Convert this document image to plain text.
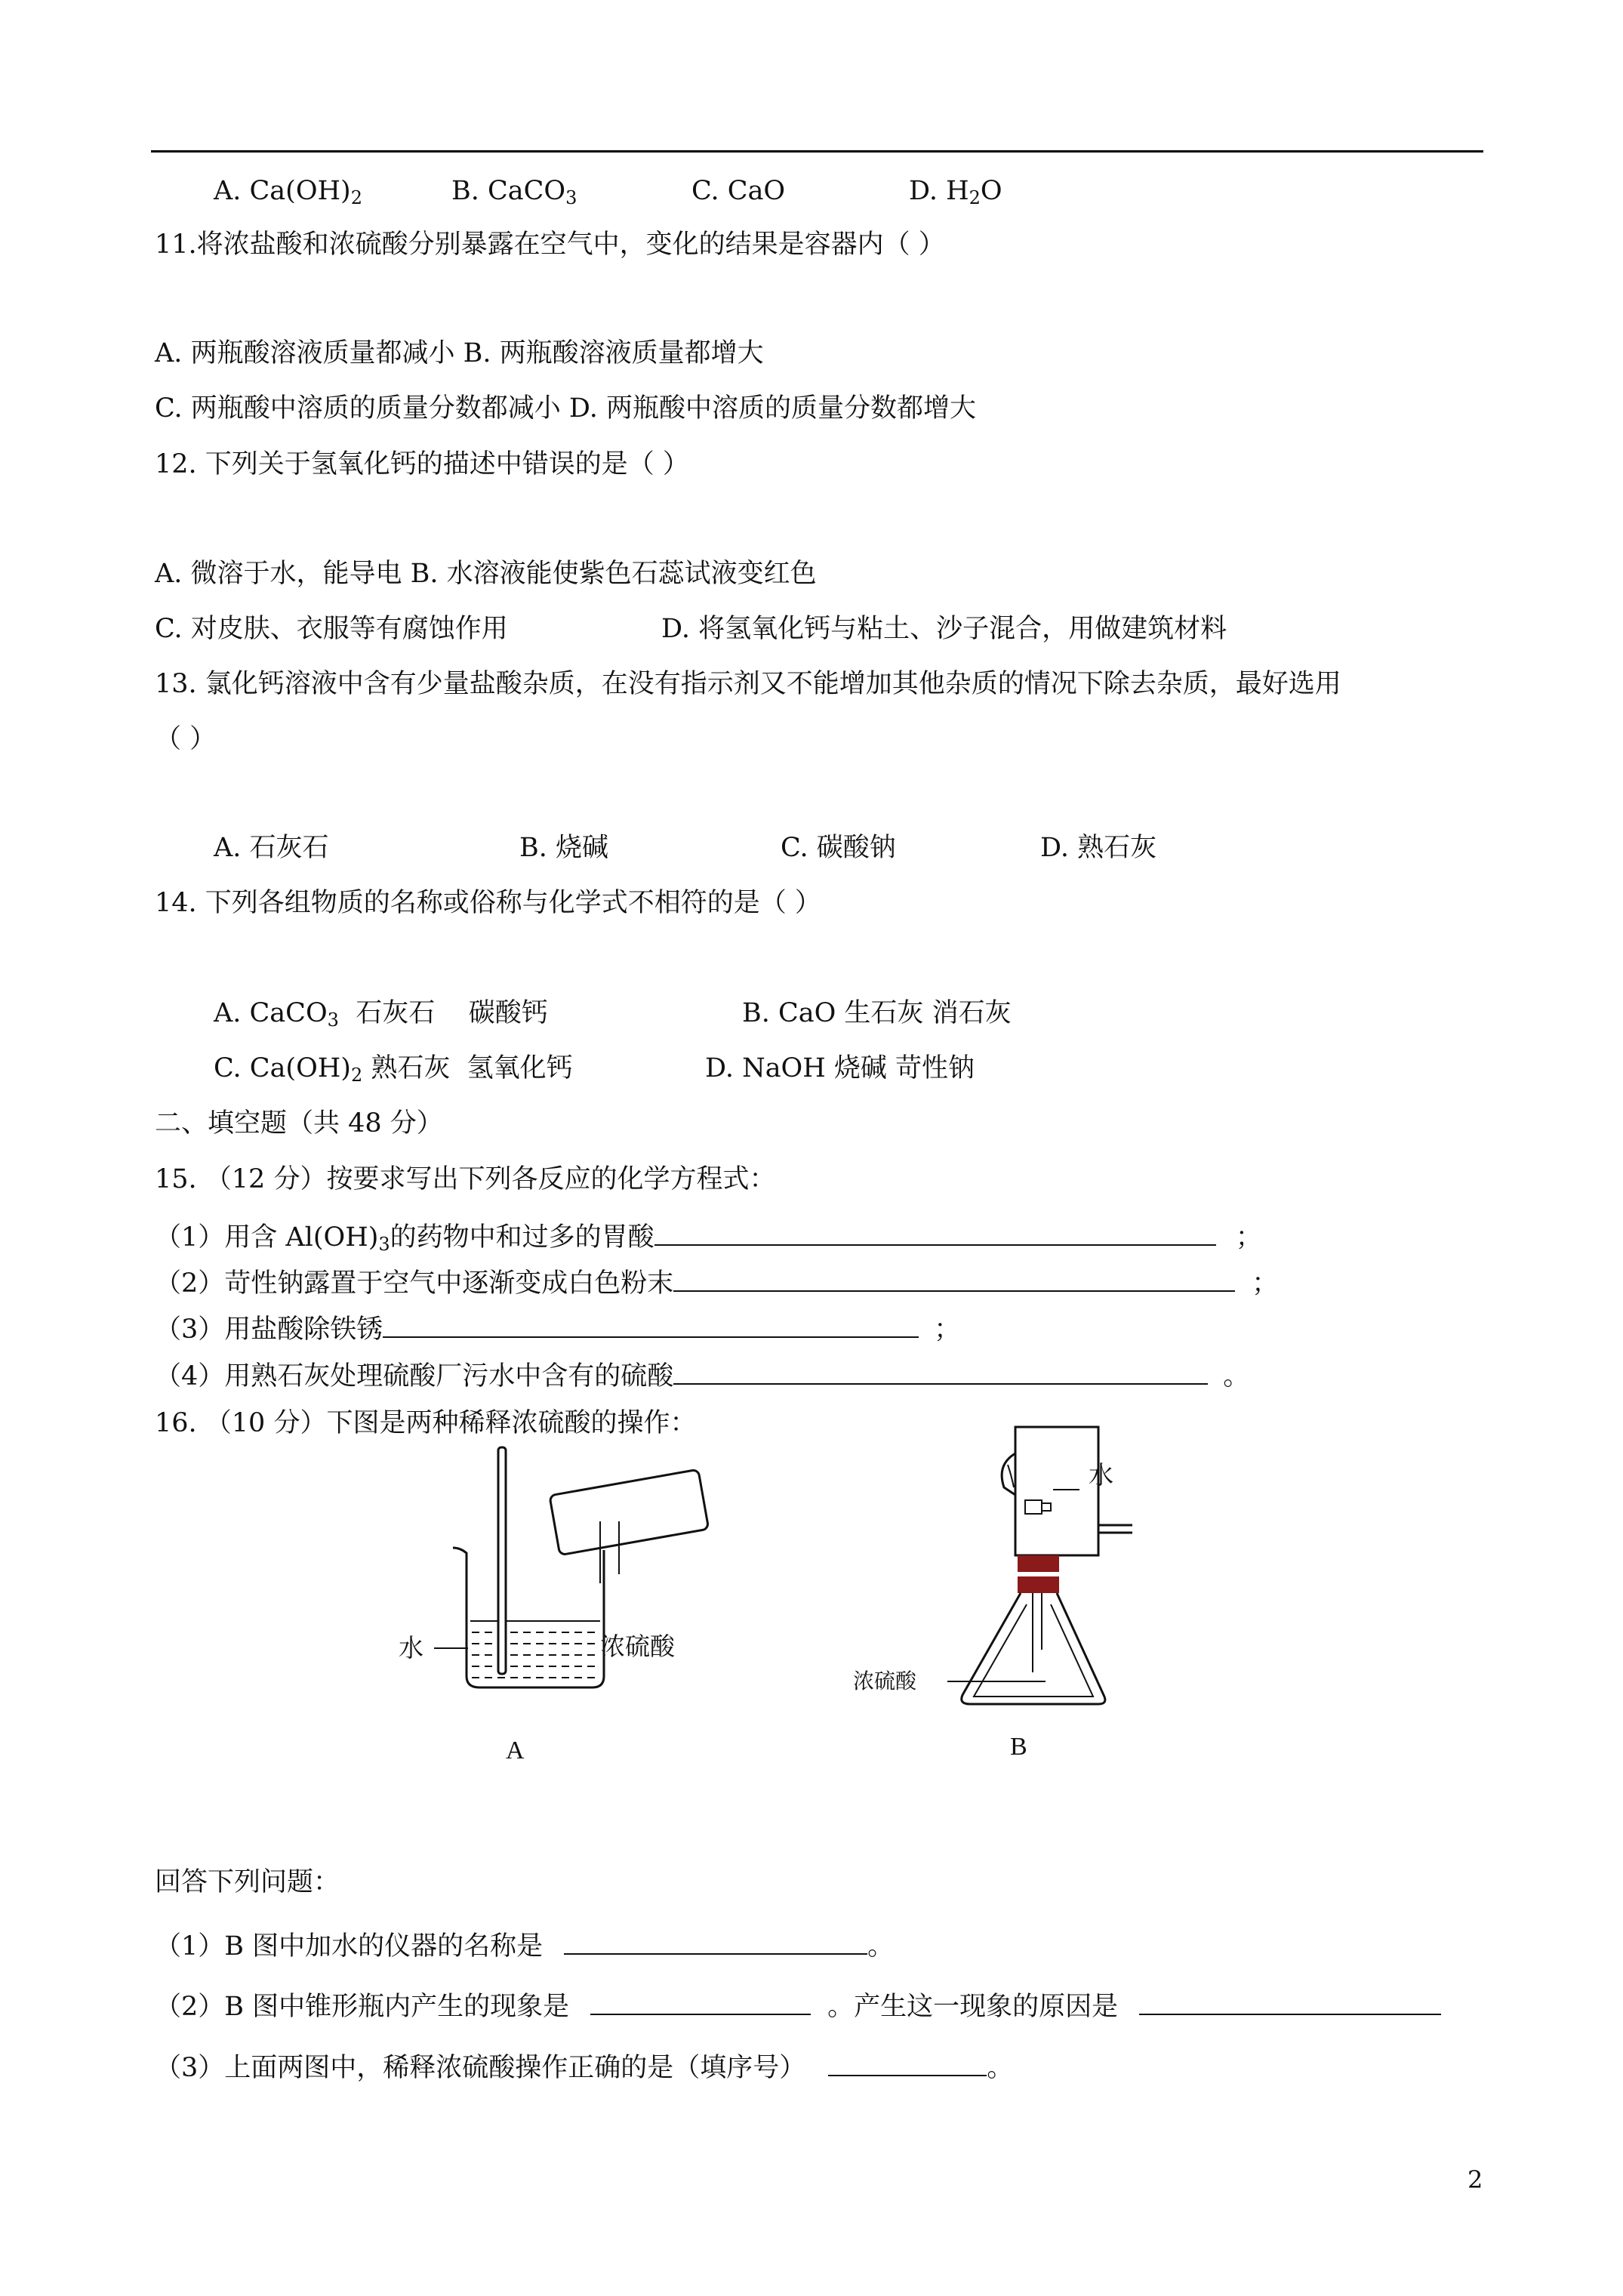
A. $Ca(OH)_2$	B. CaCO$_3$	C. CaO	D. $H_2O$
11.将浓盐酸和浓硫酸分别暴露在空气中，变化的结果是容器内（ ）
A. 两瓶酸溶液质量都减小 B. 两瓶酸溶液质量都增大
C. 两瓶酸中溶质的质量分数都减小 D. 两瓶酸中溶质的质量分数都增大
12. 下列关于氢氧化钙的描述中错误的是（ ）
A. 微溶于水，能导电 B. 水溶液能使紫色石蕊试液变红色
C. 对皮肤、衣服等有腐蚀作用	D. 将氢氧化钙与粘土、沙子混合，用做建筑材料
13. 氯化钙溶液中含有少量盐酸杂质，在没有指示剂又不能增加其他杂质的情况下除去杂质，最好选用
（ ）
A. 石灰石	B. 烧碱	C. 碳酸钠	D. 熟石灰
14. 下列各组物质的名称或俗称与化学式不相符的是（ ）
A. CaCO$_3$  石灰石    碳酸钙	B. CaO 生石灰 消石灰
C. $Ca(OH)_2$ 熟石灰  氢氧化钙	D. NaOH 烧碱 苛性钠
二、填空题（共 48 分）
15. （12 分）按要求写出下列各反应的化学方程式：
（1）用含 $Al(OH)_3$的药物中和过多的胃酸	；
（2）苛性钠露置于空气中逐渐变成白色粉末	；
（3）用盐酸除铁锈	；
（4）用熟石灰处理硫酸厂污水中含有的硫酸	。
16. （10 分）下图是两种稀释浓硫酸的操作：
水	浓硫酸
A
水
浓硫酸
B
回答下列问题：
（1）B 图中加水的仪器的名称是	。
（2）B 图中锥形瓶内产生的现象是	。产生这一现象的原因是
（3）上面两图中，稀释浓硫酸操作正确的是（填序号）	。
2
